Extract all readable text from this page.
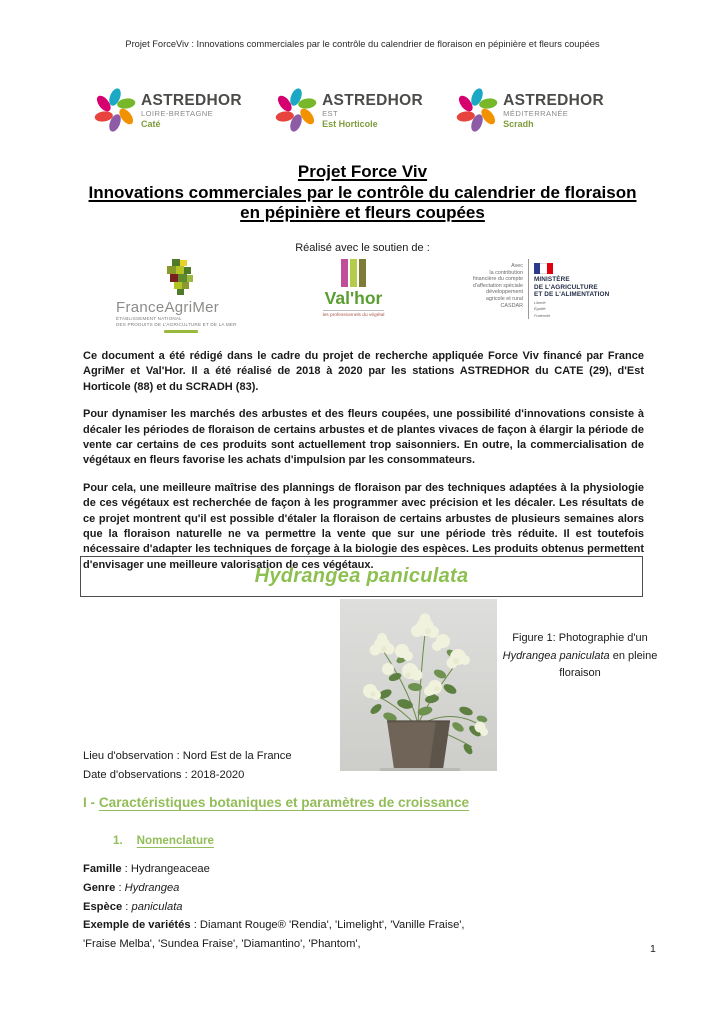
Projet ForceViv : Innovations commerciales par le contrôle du calendrier de floraison en pépinière et fleurs coupées
ASTREDHOR
LOIRE-BRETAGNE
Caté
ASTREDHOR
EST
Est Horticole
ASTREDHOR
MÉDITERRANÉE
Scradh
Projet Force Viv
Innovations commerciales par le contrôle du calendrier de floraison
en pépinière et fleurs coupées
Réalisé avec le soutien de :
FranceAgriMer
ÉTABLISSEMENT NATIONAL
DES PRODUITS DE L'AGRICULTURE ET DE LA MER
Val'hor
les professionnels du végétal
Avec
la contribution
financière du compte
d'affectation spéciale
développement
agricole et rural
CASDAR
MINISTÈRE
DE L'AGRICULTURE
ET DE L'ALIMENTATION
Liberté
Égalité
Fraternité

Ce document a été rédigé dans le cadre du projet de recherche appliquée Force Viv financé par France AgriMer et Val'Hor. Il a été réalisé de 2018 à 2020 par les stations ASTREDHOR du CATE (29), d'Est Horticole (88) et du SCRADH (83).

Pour dynamiser les marchés des arbustes et des fleurs coupées, une possibilité d'innovations consiste à décaler les périodes de floraison de certains arbustes et de plantes vivaces de façon à élargir la période de vente car certains de ces produits sont actuellement trop saisonniers. En outre, la commercialisation de végétaux en fleurs favorise les achats d'impulsion par les consommateurs.

Pour cela, une meilleure maîtrise des plannings de floraison par des techniques adaptées à la physiologie de ces végétaux est recherchée de façon à les programmer avec précision et les décaler. Les résultats de ce projet montrent qu'il est possible d'étaler la floraison de certains arbustes de plusieurs semaines alors que la floraison naturelle ne va permettre la vente que sur une période très réduite. Il est toutefois nécessaire d'adapter les techniques de forçage à la biologie des espèces. Les produits obtenus permettent d'envisager une meilleure valorisation de ces végétaux.

Hydrangea paniculata
Figure 1: Photographie d'un Hydrangea paniculata en pleine floraison
Lieu d'observation : Nord Est de la France
Date d'observations : 2018-2020
I - Caractéristiques botaniques et paramètres de croissance
1. Nomenclature
Famille : Hydrangeaceae
Genre : Hydrangea
Espèce : paniculata
Exemple de variétés : Diamant Rouge® 'Rendia', 'Limelight', 'Vanille Fraise',
'Fraise Melba', 'Sundea Fraise', 'Diamantino', 'Phantom',	1
